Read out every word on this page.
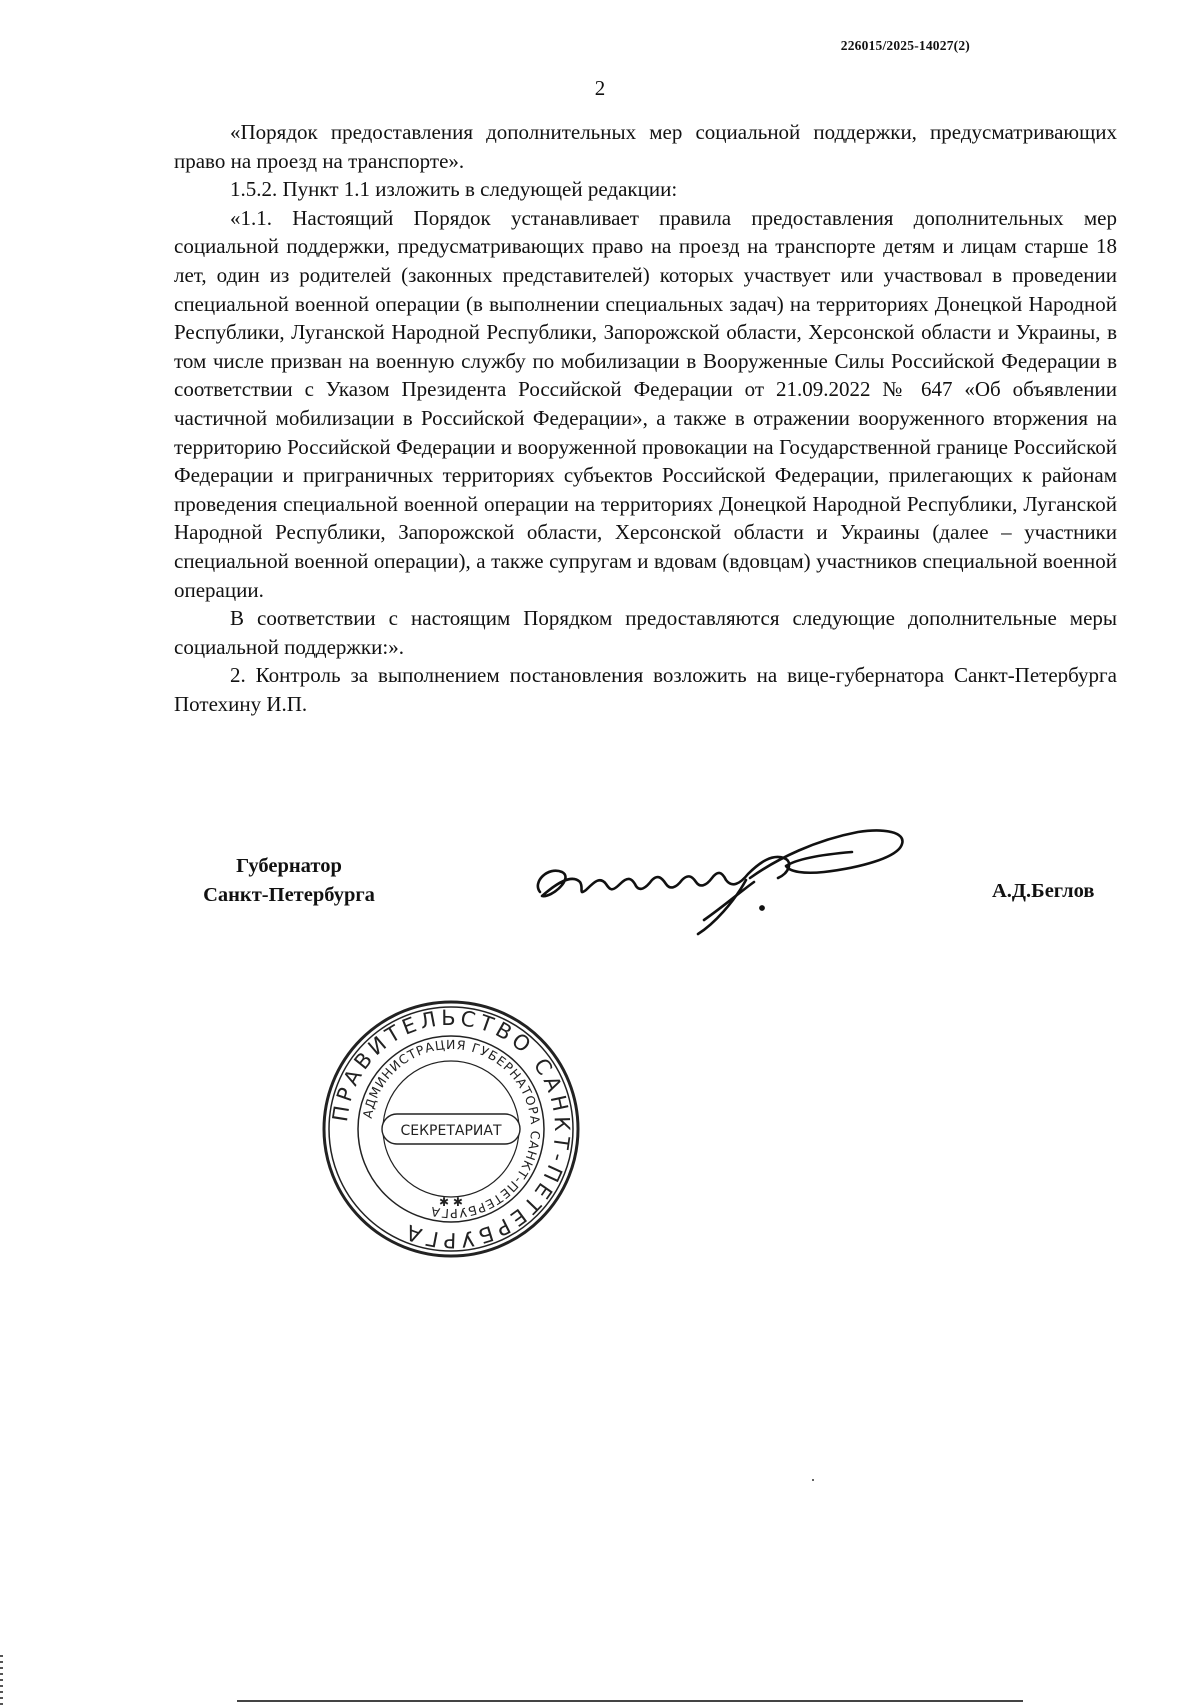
226015/2025-14027(2)
2

«Порядок предоставления дополнительных мер социальной поддержки, предусматривающих право на проезд на транспорте».

1.5.2. Пункт 1.1 изложить в следующей редакции:

«1.1. Настоящий Порядок устанавливает правила предоставления дополнительных мер социальной поддержки, предусматривающих право на проезд на транспорте детям и лицам старше 18 лет, один из родителей (законных представителей) которых участвует или участвовал в проведении специальной военной операции (в выполнении специальных задач) на территориях Донецкой Народной Республики, Луганской Народной Республики, Запорожской области, Херсонской области и Украины, в том числе призван на военную службу по мобилизации в Вооруженные Силы Российской Федерации в соответствии с Указом Президента Российской Федерации от 21.09.2022 № 647 «Об объявлении частичной мобилизации в Российской Федерации», а также в отражении вооруженного вторжения на территорию Российской Федерации и вооруженной провокации на Государственной границе Российской Федерации и приграничных территориях субъектов Российской Федерации, прилегающих к районам проведения специальной военной операции на территориях Донецкой Народной Республики, Луганской Народной Республики, Запорожской области, Херсонской области и Украины (далее – участники специальной военной операции), а также супругам и вдовам (вдовцам) участников специальной военной операции.

В соответствии с настоящим Порядком предоставляются следующие дополнительные меры социальной поддержки:».

2. Контроль за выполнением постановления возложить на вице-губернатора Санкт-Петербурга Потехину И.П.

Губернатор
Санкт-Петербурга	А.Д.Беглов
ПРАВИТЕЛЬСТВО САНКТ-ПЕТЕРБУРГА
АДМИНИСТРАЦИЯ ГУБЕРНАТОРА САНКТ-ПЕТЕРБУРГА
СЕКРЕТАРИАТ
✱ ✱
